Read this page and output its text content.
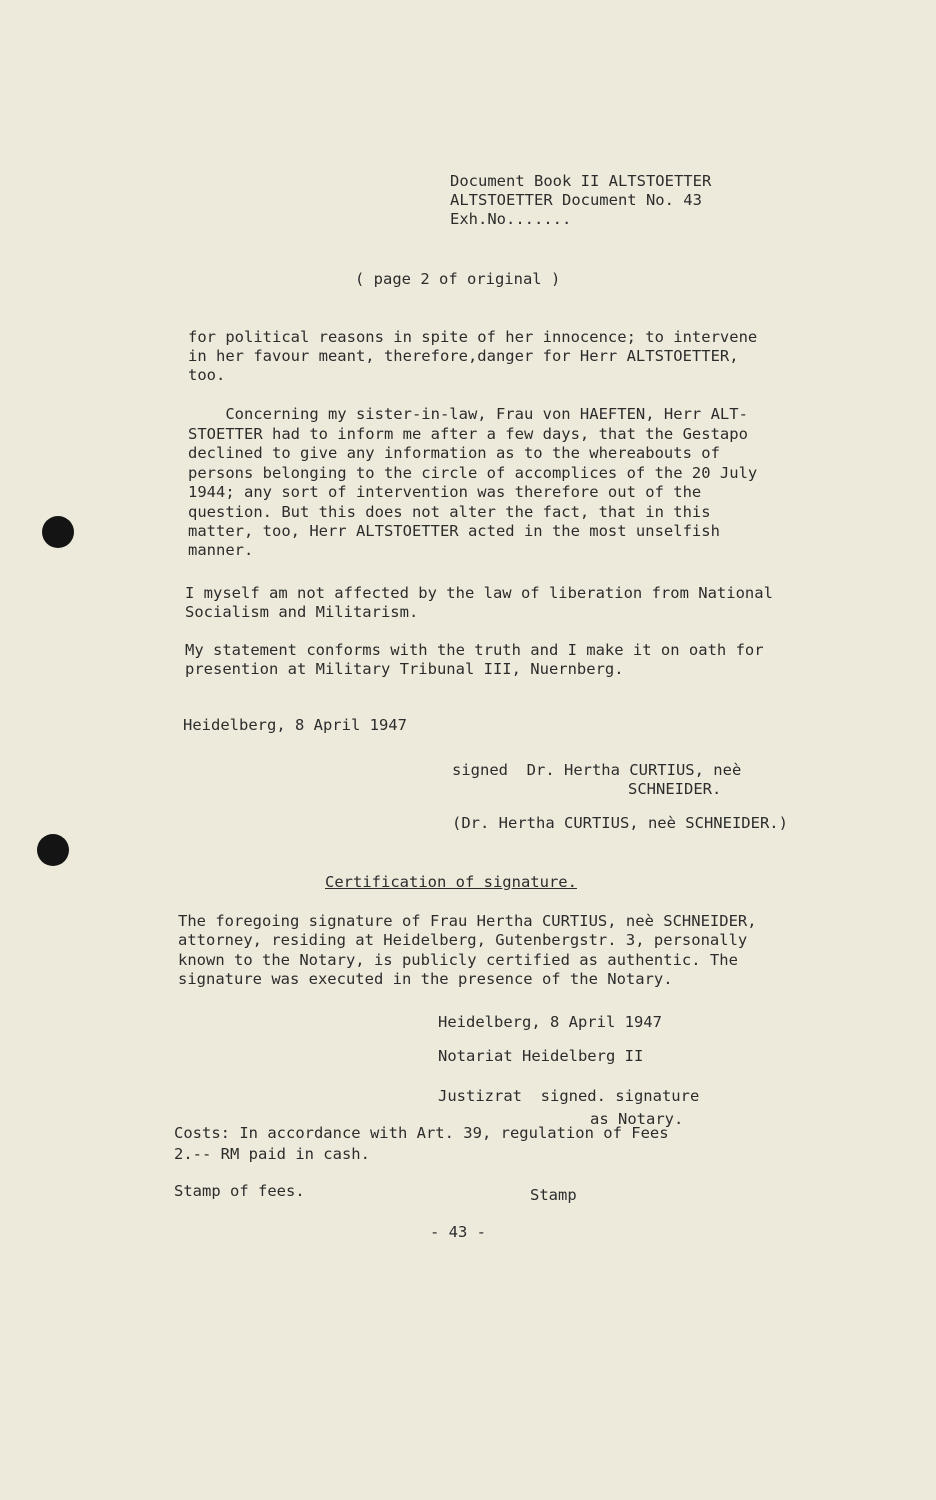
Document Book II ALTSTOETTER
ALTSTOETTER Document No. 43
Exh.No.......
( page 2 of original )
for political reasons in spite of her innocence; to intervene
in her favour meant, therefore,danger for Herr ALTSTOETTER,
too.
Concerning my sister-in-law, Frau von HAEFTEN, Herr ALT-
STOETTER had to inform me after a few days, that the Gestapo
declined to give any information as to the whereabouts of
persons belonging to the circle of accomplices of the 20 July
1944; any sort of intervention was therefore out of the
question. But this does not alter the fact, that in this
matter, too, Herr ALTSTOETTER acted in the most unselfish
manner.
I myself am not affected by the law of liberation from National
Socialism and Militarism.
My statement conforms with the truth and I make it on oath for
presention at Military Tribunal III, Nuernberg.
Heidelberg, 8 April 1947
signed  Dr. Hertha CURTIUS, neè
SCHNEIDER.
(Dr. Hertha CURTIUS, neè SCHNEIDER.)
Certification of signature.
The foregoing signature of Frau Hertha CURTIUS, neè SCHNEIDER,
attorney, residing at Heidelberg, Gutenbergstr. 3, personally
known to the Notary, is publicly certified as authentic. The
signature was executed in the presence of the Notary.
Heidelberg, 8 April 1947
Notariat Heidelberg II
Justizrat  signed. signature
as Notary.
Costs: In accordance with Art. 39, regulation of Fees
2.-- RM paid in cash.
Stamp of fees.	Stamp
- 43 -
